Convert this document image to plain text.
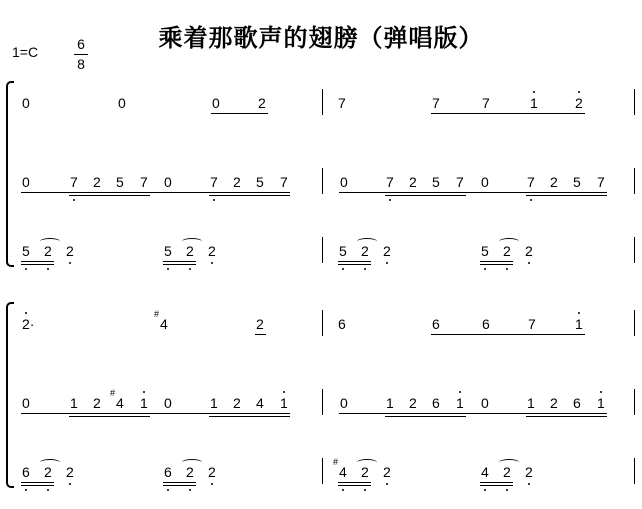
乘着那歌声的翅膀（弹唱版）
1=C	6
8
0	0	0	2	7	7	7	1	2
0	7 2 5 7 0	7 2 5 7	0	7 2 5 7 0	7 2 5 7
5 2 2	5 2 2	5 2 2	5 2 2
2·	4
#
2	6	6	6	7	1
0	1 2 4
#
1 0	1 2 4 1	0	1 2 6 1 0	1 2 6 1
6 2 2	6 2 2	4
#
2 2	4 2 2
